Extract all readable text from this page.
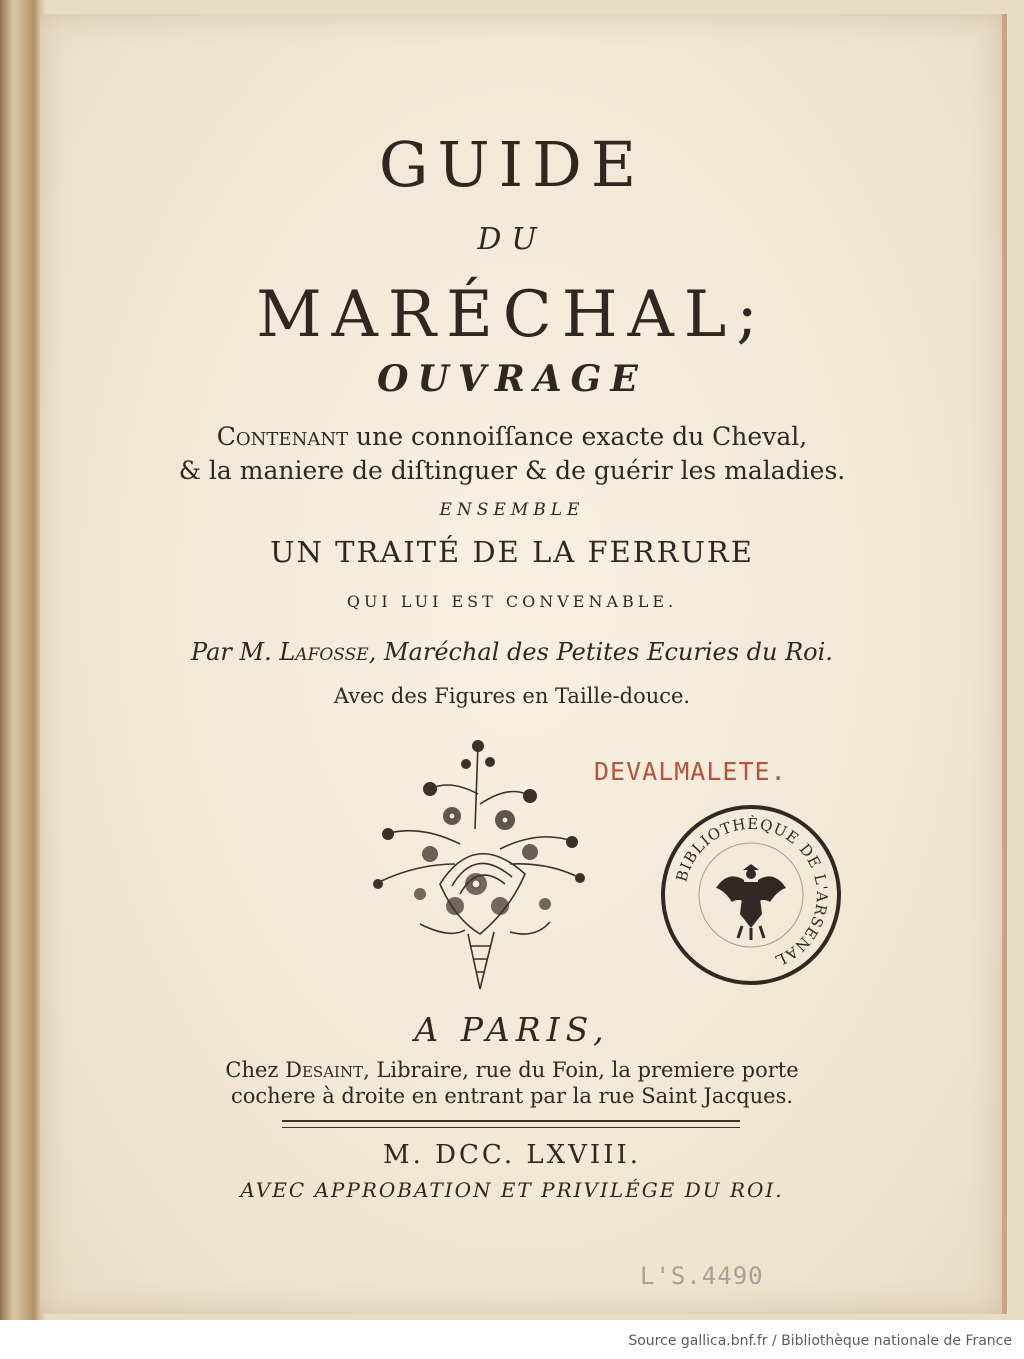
GUIDE
DU
MARÉCHAL;
OUVRAGE
Contenant une connoiſſance exacte du Cheval,
& la maniere de diſtinguer & de guérir les maladies.
ENSEMBLE
UN TRAITÉ DE LA FERRURE
QUI LUI EST CONVENABLE.
Par M. Lafosse, Maréchal des Petites Ecuries du Roi.
Avec des Figures en Taille-douce.
DEVALMALETE.
BIBLIOTHÈQUE DE L'ARSENAL
A PARIS,
Chez Desaint, Libraire, rue du Foin, la premiere porte
cochere à droite en entrant par la rue Saint Jacques.
M. DCC. LXVIII.
AVEC APPROBATION ET PRIVILÉGE DU ROI.
L'S.4490
Source gallica.bnf.fr / Bibliothèque nationale de France
